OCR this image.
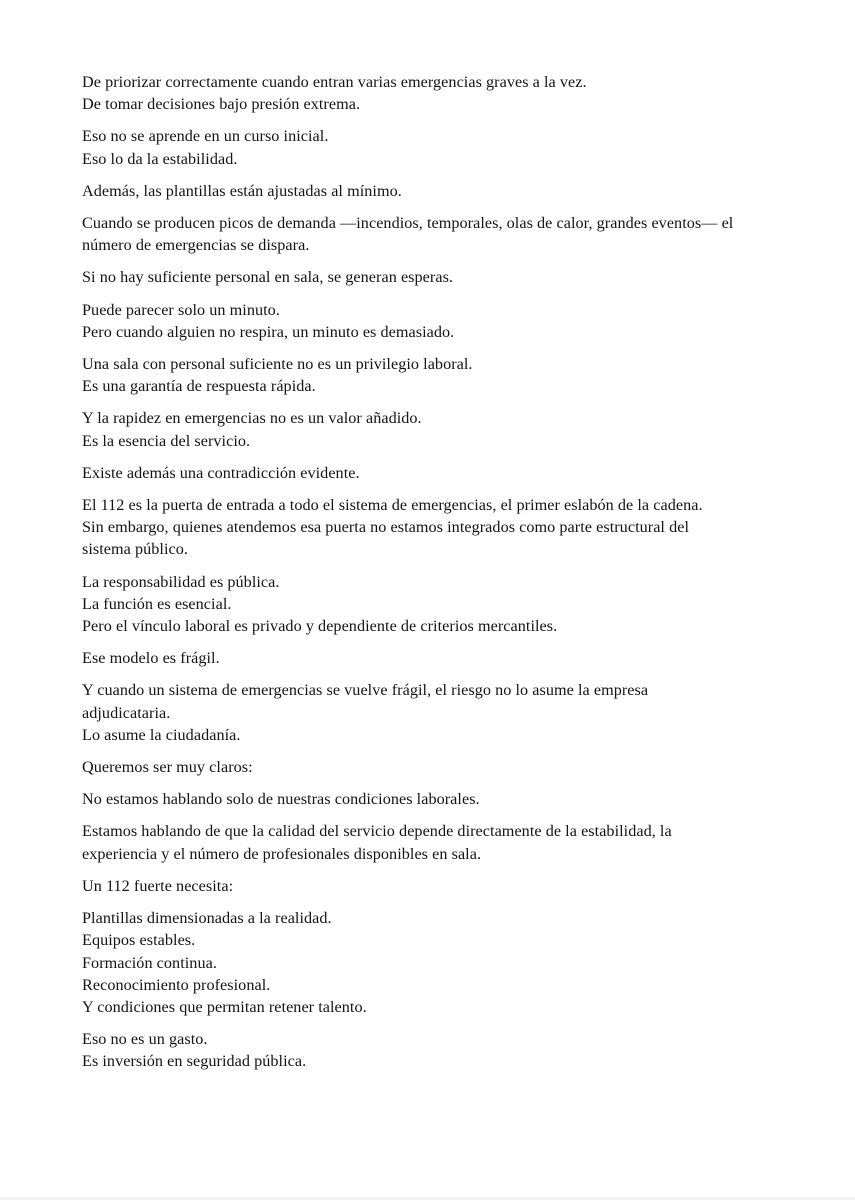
De priorizar correctamente cuando entran varias emergencias graves a la vez.
De tomar decisiones bajo presión extrema.

Eso no se aprende en un curso inicial.
Eso lo da la estabilidad.

Además, las plantillas están ajustadas al mínimo.

Cuando se producen picos de demanda —incendios, temporales, olas de calor, grandes eventos— el
número de emergencias se dispara.

Si no hay suficiente personal en sala, se generan esperas.

Puede parecer solo un minuto.
Pero cuando alguien no respira, un minuto es demasiado.

Una sala con personal suficiente no es un privilegio laboral.
Es una garantía de respuesta rápida.

Y la rapidez en emergencias no es un valor añadido.
Es la esencia del servicio.

Existe además una contradicción evidente.

El 112 es la puerta de entrada a todo el sistema de emergencias, el primer eslabón de la cadena.
Sin embargo, quienes atendemos esa puerta no estamos integrados como parte estructural del
sistema público.

La responsabilidad es pública.
La función es esencial.
Pero el vínculo laboral es privado y dependiente de criterios mercantiles.

Ese modelo es frágil.

Y cuando un sistema de emergencias se vuelve frágil, el riesgo no lo asume la empresa
adjudicataria.
Lo asume la ciudadanía.

Queremos ser muy claros:

No estamos hablando solo de nuestras condiciones laborales.

Estamos hablando de que la calidad del servicio depende directamente de la estabilidad, la
experiencia y el número de profesionales disponibles en sala.

Un 112 fuerte necesita:

Plantillas dimensionadas a la realidad.
Equipos estables.
Formación continua.
Reconocimiento profesional.
Y condiciones que permitan retener talento.

Eso no es un gasto.
Es inversión en seguridad pública.
